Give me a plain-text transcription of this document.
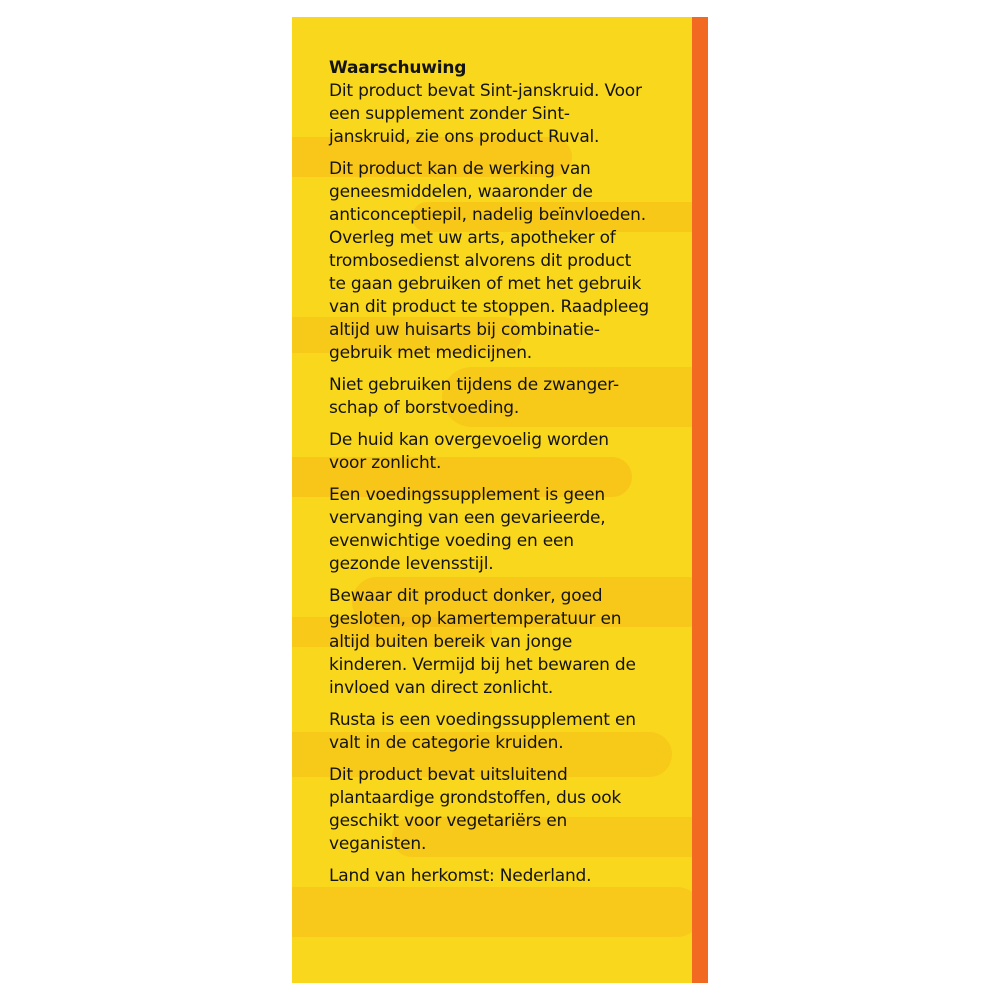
Waarschuwing
Dit product bevat Sint-janskruid. Voor
een supplement zonder Sint-
janskruid, zie ons product Ruval.
Dit product kan de werking van
geneesmiddelen, waaronder de
anticonceptiepil, nadelig beïnvloeden.
Overleg met uw arts, apotheker of
trombosedienst alvorens dit product
te gaan gebruiken of met het gebruik
van dit product te stoppen. Raadpleeg
altijd uw huisarts bij combinatie-
gebruik met medicijnen.
Niet gebruiken tijdens de zwanger-
schap of borstvoeding.
De huid kan overgevoelig worden
voor zonlicht.
Een voedingssupplement is geen
vervanging van een gevarieerde,
evenwichtige voeding en een
gezonde levensstijl.
Bewaar dit product donker, goed
gesloten, op kamertemperatuur en
altijd buiten bereik van jonge
kinderen. Vermijd bij het bewaren de
invloed van direct zonlicht.
Rusta is een voedingssupplement en
valt in de categorie kruiden.
Dit product bevat uitsluitend
plantaardige grondstoffen, dus ook
geschikt voor vegetariërs en
veganisten.
Land van herkomst: Nederland.
